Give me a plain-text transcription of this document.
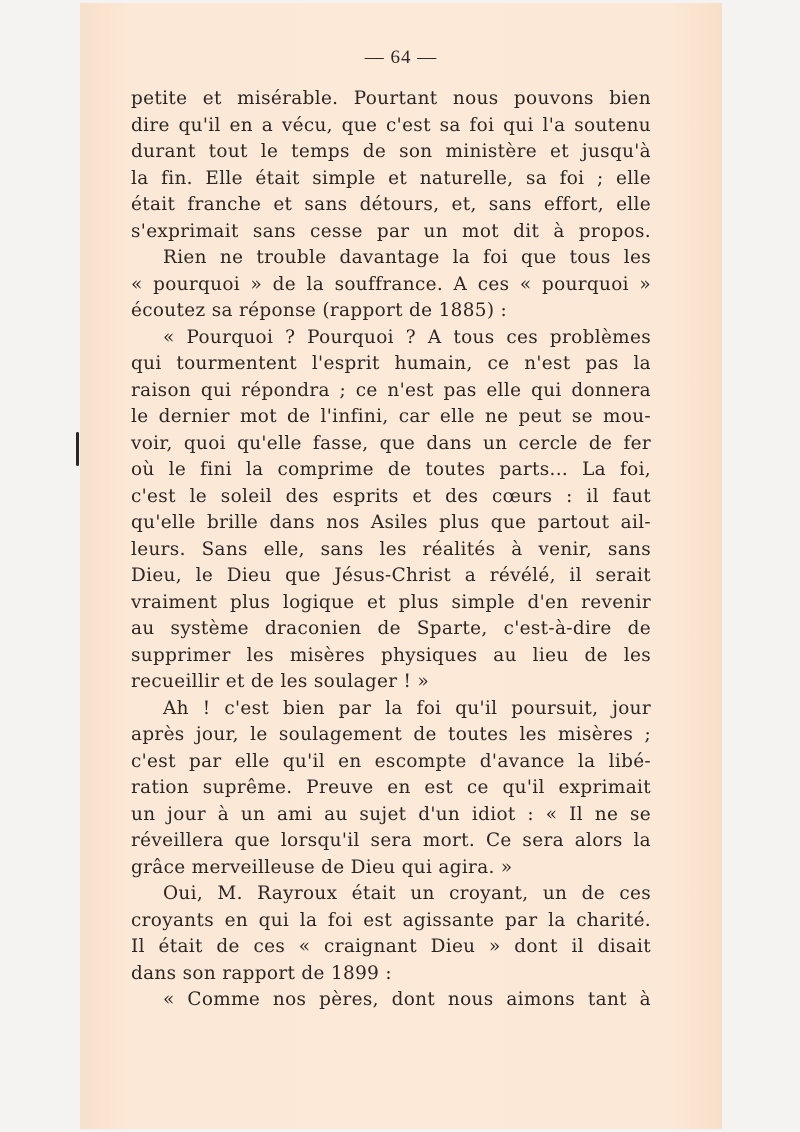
— 64 —
petite et misérable. Pourtant nous pouvons bien
dire qu'il en a vécu, que c'est sa foi qui l'a soutenu
durant tout le temps de son ministère et jusqu'à
la fin. Elle était simple et naturelle, sa foi ; elle
était franche et sans détours, et, sans effort, elle
s'exprimait sans cesse par un mot dit à propos.
Rien ne trouble davantage la foi que tous les
« pourquoi » de la souffrance. A ces « pourquoi »
écoutez sa réponse (rapport de 1885) :
« Pourquoi ? Pourquoi ? A tous ces problèmes
qui tourmentent l'esprit humain, ce n'est pas la
raison qui répondra ; ce n'est pas elle qui donnera
le dernier mot de l'infini, car elle ne peut se mou-
voir, quoi qu'elle fasse, que dans un cercle de fer
où le fini la comprime de toutes parts... La foi,
c'est le soleil des esprits et des cœurs : il faut
qu'elle brille dans nos Asiles plus que partout ail-
leurs. Sans elle, sans les réalités à venir, sans
Dieu, le Dieu que Jésus-Christ a révélé, il serait
vraiment plus logique et plus simple d'en revenir
au système draconien de Sparte, c'est-à-dire de
supprimer les misères physiques au lieu de les
recueillir et de les soulager ! »
Ah ! c'est bien par la foi qu'il poursuit, jour
après jour, le soulagement de toutes les misères ;
c'est par elle qu'il en escompte d'avance la libé-
ration suprême. Preuve en est ce qu'il exprimait
un jour à un ami au sujet d'un idiot : « Il ne se
réveillera que lorsqu'il sera mort. Ce sera alors la
grâce merveilleuse de Dieu qui agira. »
Oui, M. Rayroux était un croyant, un de ces
croyants en qui la foi est agissante par la charité.
Il était de ces « craignant Dieu » dont il disait
dans son rapport de 1899 :
« Comme nos pères, dont nous aimons tant à
